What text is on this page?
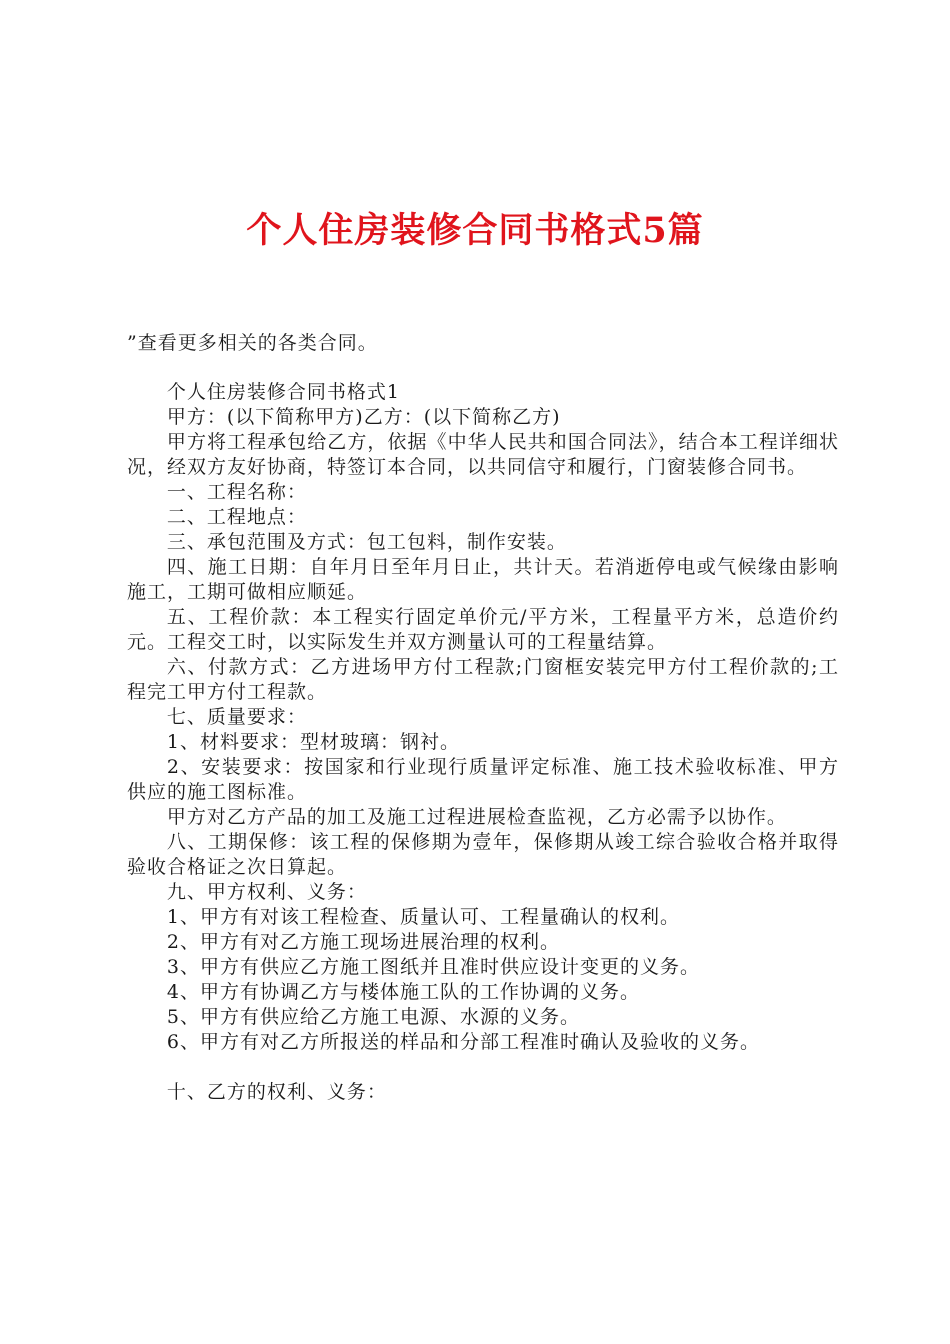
个人住房装修合同书格式5篇
”查看更多相关的各类合同。

个人住房装修合同书格式1

甲方：(以下简称甲方)乙方：(以下简称乙方)

甲方将工程承包给乙方，依据《中华人民共和国合同法》，结合本工程详细状况，经双方友好协商，特签订本合同，以共同信守和履行，门窗装修合同书。

一、工程名称：

二、工程地点：

三、承包范围及方式：包工包料，制作安装。

四、施工日期：自年月日至年月日止，共计天。若消逝停电或气候缘由影响施工，工期可做相应顺延。

五、工程价款：本工程实行固定单价元/平方米，工程量平方米，总造价约元。工程交工时，以实际发生并双方测量认可的工程量结算。

六、付款方式：乙方进场甲方付工程款;门窗框安装完甲方付工程价款的;工程完工甲方付工程款。

七、质量要求：

1、材料要求：型材玻璃：钢衬。

2、安装要求：按国家和行业现行质量评定标准、施工技术验收标准、甲方供应的施工图标准。

甲方对乙方产品的加工及施工过程进展检查监视，乙方必需予以协作。

八、工期保修：该工程的保修期为壹年，保修期从竣工综合验收合格并取得验收合格证之次日算起。

九、甲方权利、义务：

1、甲方有对该工程检查、质量认可、工程量确认的权利。

2、甲方有对乙方施工现场进展治理的权利。

3、甲方有供应乙方施工图纸并且准时供应设计变更的义务。

4、甲方有协调乙方与楼体施工队的工作协调的义务。

5、甲方有供应给乙方施工电源、水源的义务。

6、甲方有对乙方所报送的样品和分部工程准时确认及验收的义务。

十、乙方的权利、义务：
